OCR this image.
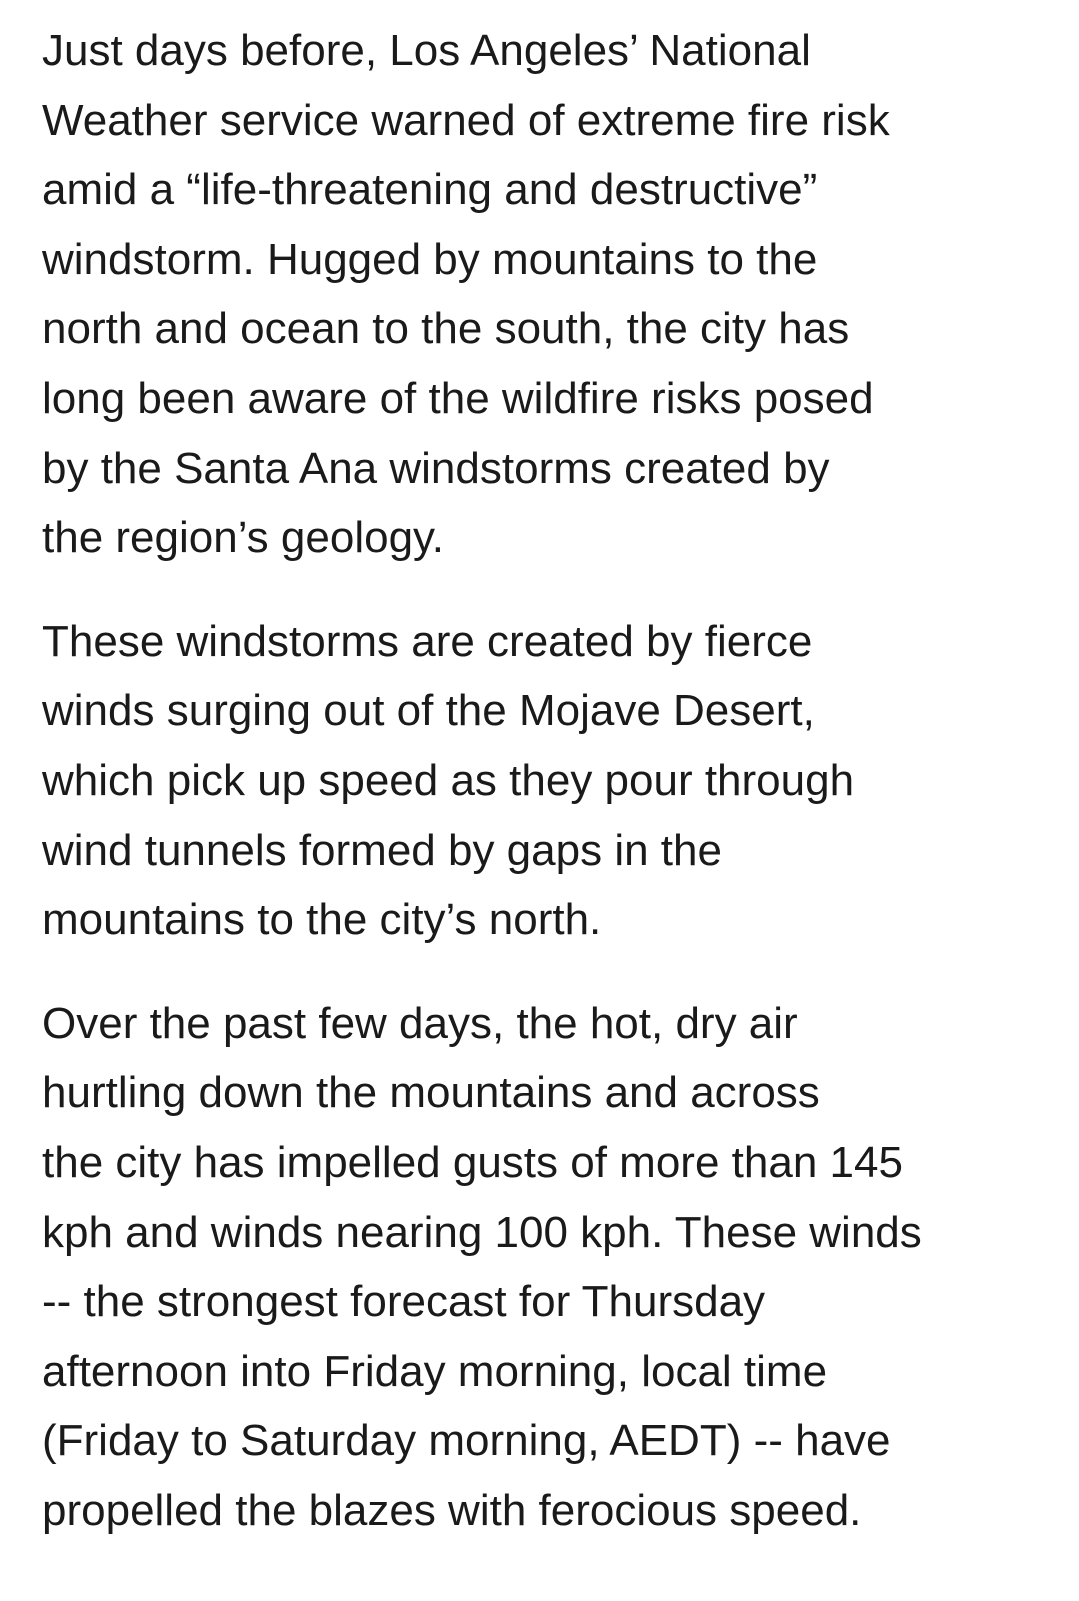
Just days before, Los Angeles’ National
Weather service warned of extreme fire risk
amid a “life-threatening and destructive”
windstorm. Hugged by mountains to the
north and ocean to the south, the city has
long been aware of the wildfire risks posed
by the Santa Ana windstorms created by
the region’s geology.

These windstorms are created by fierce
winds surging out of the Mojave Desert,
which pick up speed as they pour through
wind tunnels formed by gaps in the
mountains to the city’s north.

Over the past few days, the hot, dry air
hurtling down the mountains and across
the city has impelled gusts of more than 145
kph and winds nearing 100 kph. These winds
-- the strongest forecast for Thursday
afternoon into Friday morning, local time
(Friday to Saturday morning, AEDT) -- have
propelled the blazes with ferocious speed.
